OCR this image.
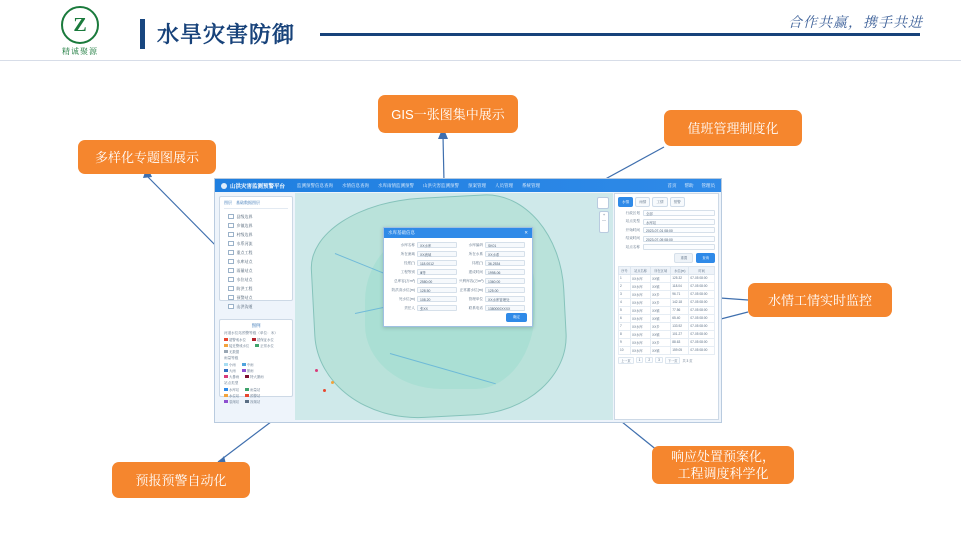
Z
精诚聚源
水旱灾害防御	合作共赢，携手共进
多样化专题图展示
GIS一张图集中展示
值班管理制度化
水情工情实时监控
响应处置预案化，
工程调度科学化
预报预警自动化
山洪灾害监测预警平台	监测预警信息查询 水情信息查询 水库雨情监测预警 山洪灾害监测预警 预案管理 人员管理 系统管理	首页 帮助 管理员
+
—
图层 基础数据图层
县级边界
乡镇边界
村级边界
水系河流
重点工程
水库站点
雨量站点
水位站点
防洪工程
预警站点
山洪沟道
图例
河道水位站预警等级（单位：米）
超警戒水位	超保证水位
接近警戒水位	正常水位
无数据
雨量等级
小雨	中雨
大雨	暴雨
大暴雨	特大暴雨
站点类型
水库站	雨量站
水位站	预警站
泵闸站	视频站
水库基础信息	✕
水库名称	XX水库	水库编码	SK01
所在流域	XX流域	所在水系	XX水系
经度(°)	118.0012	纬度(°)	36.2534
工程等别	Ⅲ等	建成时间	1998-06
总库容(万m³)	2580.00	兴利库容(万m³)	1360.00
防洪高水位(m)	128.50	正常蓄水位(m)	125.00
死水位(m)	108.20	管理单位	XX水库管理处
责任人	张XX	联系电话	1380000XXXX
确定
水情	雨情	工情	预警
行政区划	全部
站点类型	水库站
开始时间	2023-07-01 08:00
结束时间	2023-07-05 08:00
站点名称
重置	查询
序号	站点名称	所在区域	水位(m)	时间
1	XX水库	XX镇	125.32	07-05 08:00
2	XX水库	XX镇	118.04	07-05 08:00
3	XX水库	XX乡	96.71	07-05 08:00
4	XX水库	XX乡	142.18	07-05 08:00
5	XX水库	XX镇	77.56	07-05 08:00
6	XX水库	XX镇	65.40	07-05 08:00
7	XX水库	XX乡	133.92	07-05 08:00
8	XX水库	XX镇	101.27	07-05 08:00
9	XX水库	XX乡	88.63	07-05 08:00
10	XX水库	XX镇	159.05	07-05 08:00
上一页	1	2	3	下一页	共 3 页
